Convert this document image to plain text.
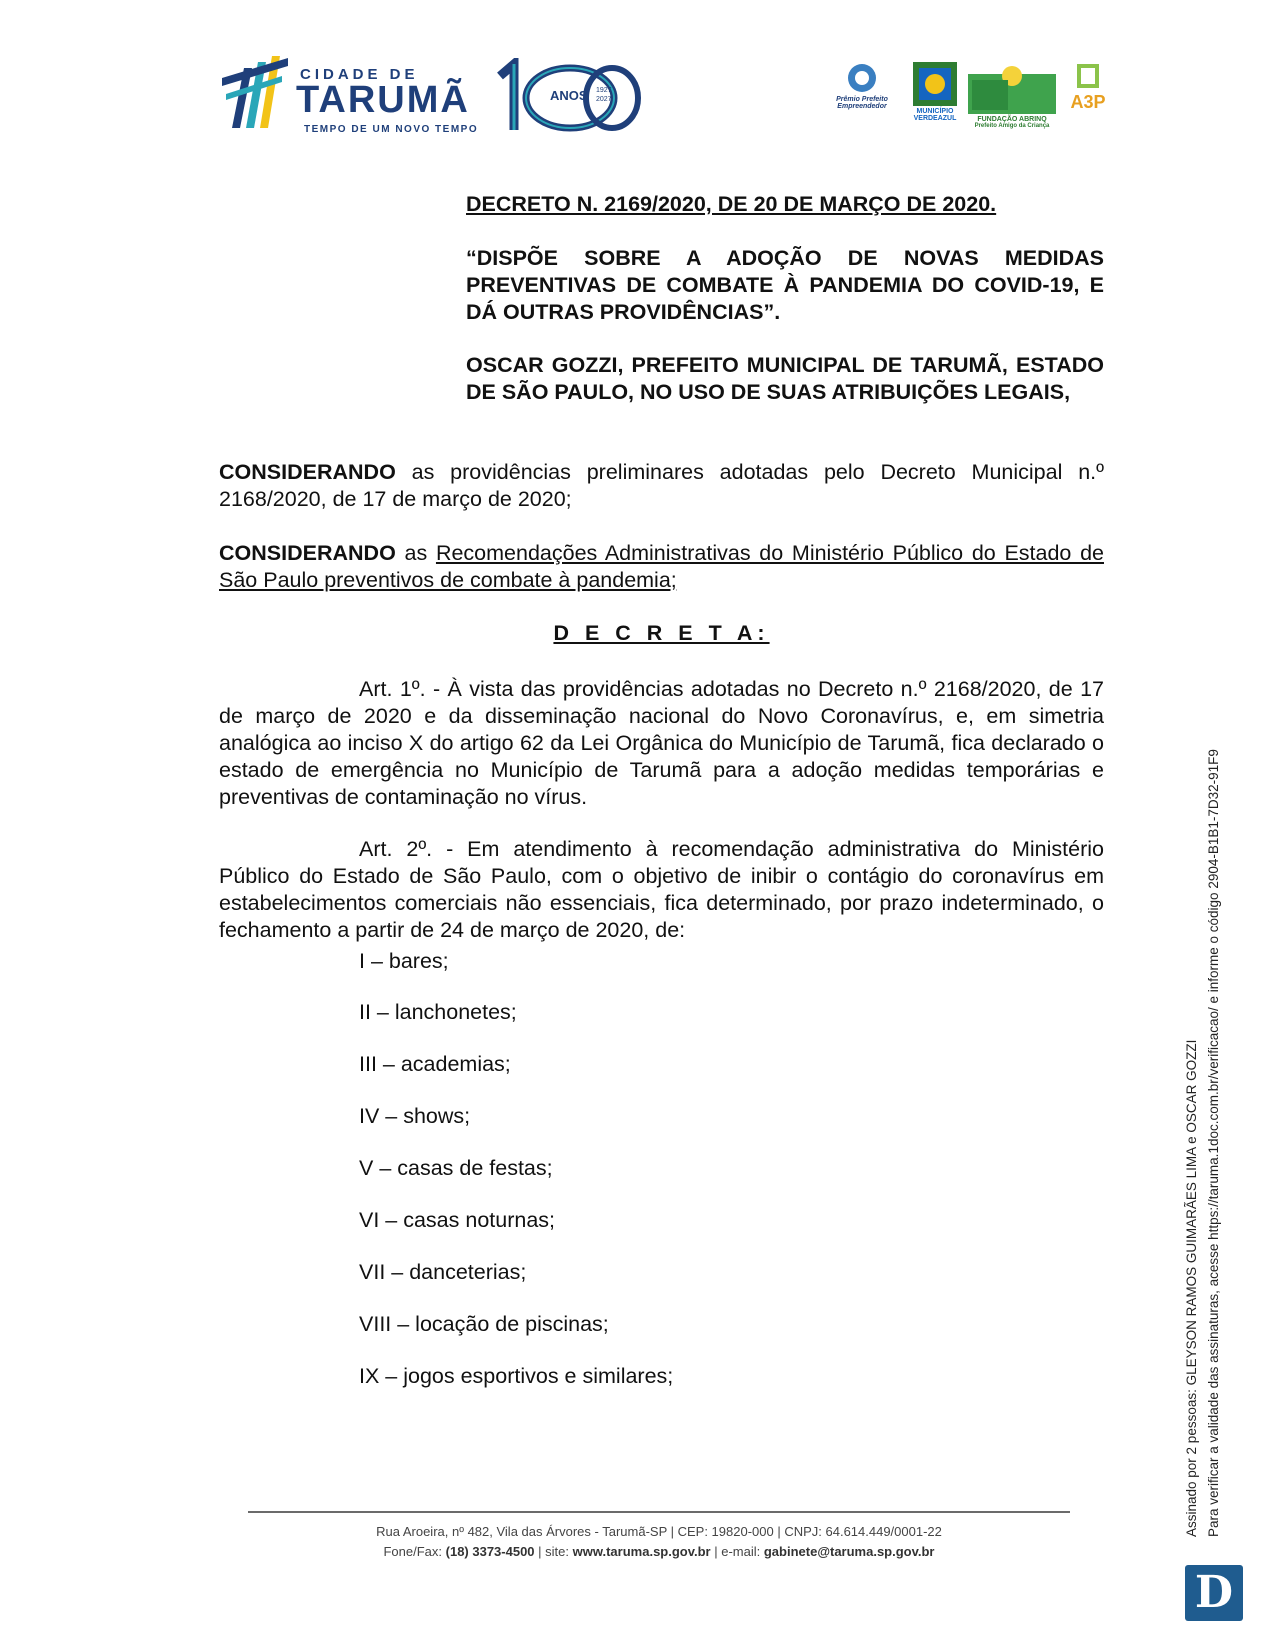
CIDADE DE
TARUMÃ
TEMPO DE UM NOVO TEMPO
ANOS 1927
2027	Prêmio Prefeito Empreendedor
MUNICÍPIO VERDEAZUL	FUNDAÇÃO ABRINQ
Prefeito Amigo da Criança
A3P
DECRETO N. 2169/2020, DE 20 DE MARÇO DE 2020.
“DISPÕE SOBRE A ADOÇÃO DE NOVAS MEDIDAS PREVENTIVAS DE COMBATE À PANDEMIA DO COVID-19, E DÁ OUTRAS PROVIDÊNCIAS”.
OSCAR GOZZI, PREFEITO MUNICIPAL DE TARUMÃ, ESTADO DE SÃO PAULO, NO USO DE SUAS ATRIBUIÇÕES LEGAIS,
CONSIDERANDO as providências preliminares adotadas pelo Decreto Municipal n.º 2168/2020, de 17 de março de 2020;
CONSIDERANDO as Recomendações Administrativas do Ministério Público do Estado de São Paulo preventivos de combate à pandemia;
D E C R E T A:
Art. 1º. - À vista das providências adotadas no Decreto n.º 2168/2020, de 17 de março de 2020 e da disseminação nacional do Novo Coronavírus, e, em simetria analógica ao inciso X do artigo 62 da Lei Orgânica do Município de Tarumã, fica declarado o estado de emergência no Município de Tarumã para a adoção medidas temporárias e preventivas de contaminação no vírus.
Art. 2º. - Em atendimento à recomendação administrativa do Ministério Público do Estado de São Paulo, com o objetivo de inibir o contágio do coronavírus em estabelecimentos comerciais não essenciais, fica determinado, por prazo indeterminado, o fechamento a partir de 24 de março de 2020, de:
I – bares;
II – lanchonetes;
III – academias;
IV – shows;
V – casas de festas;
VI – casas noturnas;
VII – danceterias;
VIII – locação de piscinas;
IX – jogos esportivos e similares;
Rua Aroeira, nº 482, Vila das Árvores - Tarumã-SP | CEP: 19820-000 | CNPJ: 64.614.449/0001-22
Fone/Fax: (18) 3373-4500 | site: www.taruma.sp.gov.br | e-mail: gabinete@taruma.sp.gov.br
Assinado por 2 pessoas: GLEYSON RAMOS GUIMARÃES LIMA e OSCAR GOZZI Para verificar a validade das assinaturas, acesse https://taruma.1doc.com.br/verificacao/ e informe o código 2904-B1B1-7D32-91F9
D
